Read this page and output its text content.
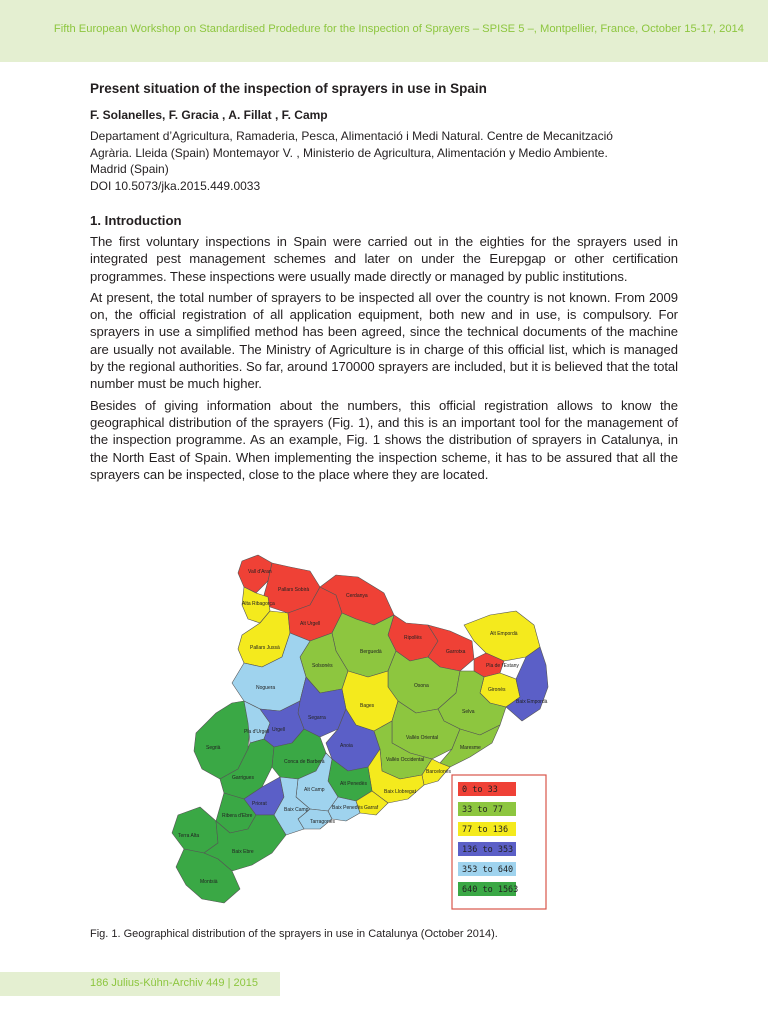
Fifth European Workshop on Standardised Prodedure for the Inspection of Sprayers – SPISE 5 –, Montpellier, France, October 15-17, 2014
Present situation of the inspection of sprayers in use in Spain
F. Solanelles, F. Gracia , A. Fillat , F. Camp
Departament d’Agricultura, Ramaderia, Pesca, Alimentació i Medi Natural. Centre de Mecanització
Agrària. Lleida (Spain) Montemayor V. , Ministerio de Agricultura, Alimentación y Medio Ambiente.
Madrid (Spain)
DOI 10.5073/jka.2015.449.0033
1. Introduction

The first voluntary inspections in Spain were carried out in the eighties for the sprayers used in integrated pest management schemes and later on under the Eurepgap or other certification programmes. These inspections were usually made directly or managed by public institutions.

At present, the total number of sprayers to be inspected all over the country is not known. From 2009 on, the official registration of all application equipment, both new and in use, is compulsory. For sprayers in use a simplified method has been agreed, since the technical documents of the machine are usually not available. The Ministry of Agriculture is in charge of this official list, which is managed by the regional authorities. So far, around 170000 sprayers are included, but it is believed that the total number must be much higher.

Besides of giving information about the numbers, this official registration allows to know the geographical distribution of the sprayers (Fig. 1), and this is an important tool for the management of the inspection programme. As an example, Fig. 1 shows the distribution of sprayers in Catalunya, in the North East of Spain. When implementing the inspection scheme, it has to be assured that all the sprayers can be inspected, close to the place where they are located.

Vall d'Aran
Pallars Sobirà
Alta Ribagorça
Cerdanya
Alt Urgell
Pallars Jussà
Ripollès
Garrotxa
Alt Empordà
Pla de l'Estany
Berguedà
Solsonès
Gironès
Osona
Noguera
Baix Empordà
Selva
Bages
Segarra
Segrià
Pla d'Urgell Urgell
Anoia
Vallès Oriental
Maresme
Vallès Occidental
Garrigues
Conca de Barberà
Alt Penedès
Barcelonès
Alt Camp	Baix Llobregat
Priorat
Baix Penedès
Baix Camp
Tarragonès
Garraf
Ribera d'Ebre
Terra Alta
Baix Ebre
Montsià
0 to 33
33 to 77
77 to 136
136 to 353
353 to 640
640 to 1563
Fig. 1. Geographical distribution of the sprayers in use in Catalunya (October 2014).
186 Julius-Kühn-Archiv 449 | 2015
